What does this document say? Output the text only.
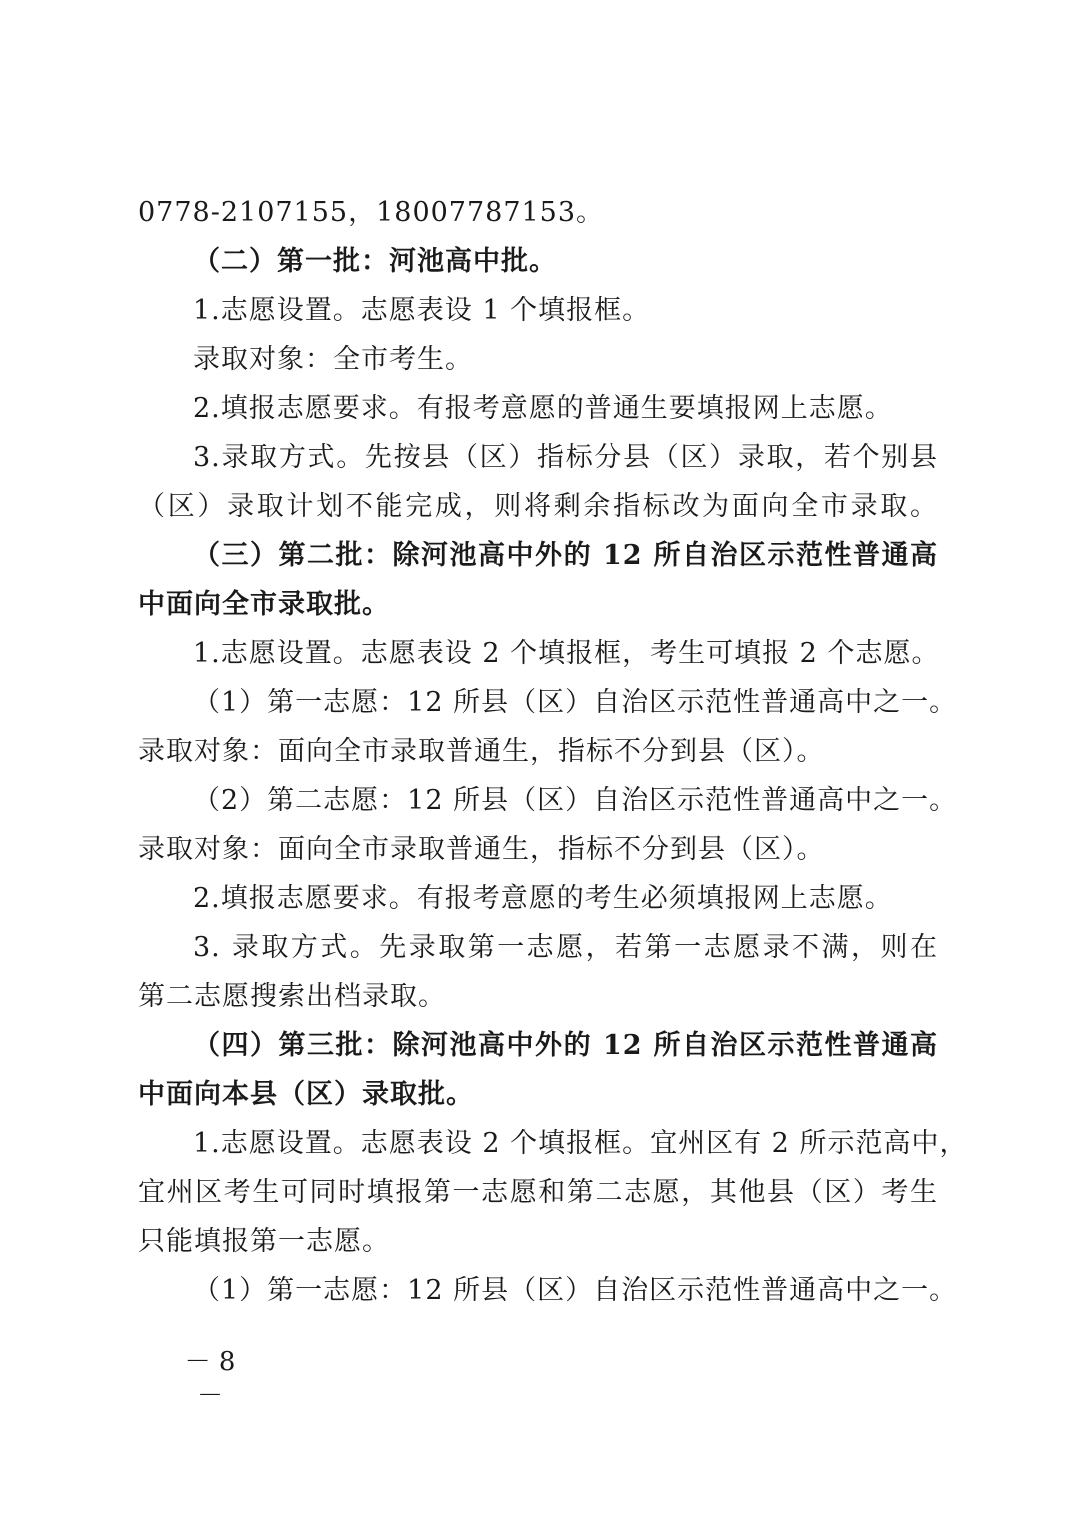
0778-2107155，18007787153。
（二）第一批：河池高中批。
1.志愿设置。志愿表设 1 个填报框。
录取对象：全市考生。
2.填报志愿要求。有报考意愿的普通生要填报网上志愿。
3.录取方式。先按县（区）指标分县（区）录取，若个别县
（区）录取计划不能完成，则将剩余指标改为面向全市录取。
（三）第二批：除河池高中外的 12 所自治区示范性普通高
中面向全市录取批。
1.志愿设置。志愿表设 2 个填报框，考生可填报 2 个志愿。
（1）第一志愿：12 所县（区）自治区示范性普通高中之一。
录取对象：面向全市录取普通生，指标不分到县（区）。
（2）第二志愿：12 所县（区）自治区示范性普通高中之一。
录取对象：面向全市录取普通生，指标不分到县（区）。
2.填报志愿要求。有报考意愿的考生必须填报网上志愿。
3. 录取方式。先录取第一志愿，若第一志愿录不满，则在
第二志愿搜索出档录取。
（四）第三批：除河池高中外的 12 所自治区示范性普通高
中面向本县（区）录取批。
1.志愿设置。志愿表设 2 个填报框。宜州区有 2 所示范高中，
宜州区考生可同时填报第一志愿和第二志愿，其他县（区）考生
只能填报第一志愿。
（1）第一志愿：12 所县（区）自治区示范性普通高中之一。
－ 8 －
